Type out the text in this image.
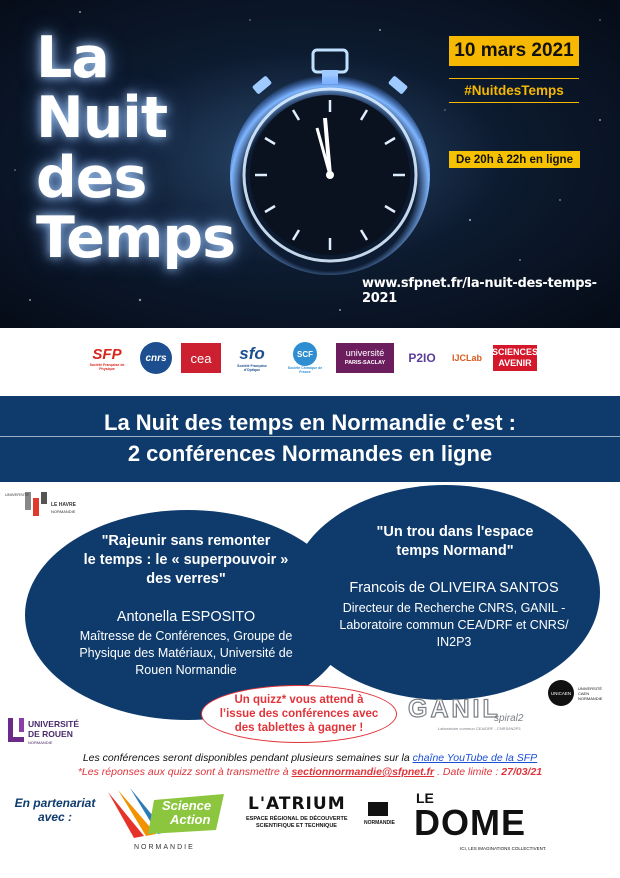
La
Nuit
des
Temps
10 mars 2021
#NuitdesTemps
De 20h à 22h en ligne
www.sfpnet.fr/la-nuit-des-temps-2021
SFP
Société Française de Physique
cnrs cea sfo
Société Française d'Optique
SCF
Société Chimique de France
université
PARIS-SACLAY P2IO IJCLab
SCIENCES
AVENIR
La Nuit des temps en Normandie c’est :
2 conférences Normandes en ligne
UNIVERSITÉ
LE HAVRE
NORMANDIE
"Rajeunir sans remonter
le temps : le « superpouvoir »
des verres"
Antonella ESPOSITO
Maîtresse de Conférences, Groupe de
Physique des Matériaux, Université de
Rouen Normandie
"Un trou dans l'espace
temps Normand"
Francois de OLIVEIRA SANTOS
Directeur de Recherche CNRS, GANIL -
Laboratoire commun CEA/DRF et CNRS/
IN2P3
Un quizz* vous attend à
l’issue des conférences avec
des tablettes à gagner !
GANIL
spiral2
Laboratoire commun CEA/DRF - CNRS/IN2P3
UNICAEN
UNIVERSITÉ
CAEN
NORMANDIE
UNIVERSITÉ
DE ROUEN
NORMANDIE
Les conférences seront disponibles pendant plusieurs semaines sur la chaîne YouTube de la SFP
*Les réponses aux quizz sont à transmettre à sectionnormandie@sfpnet.fr . Date limite : 27/03/21
En partenariat
avec :
Science
Action
NORMANDIE
L'ATRIUM
ESPACE RÉGIONAL DE DÉCOUVERTE
SCIENTIFIQUE ET TECHNIQUE	NORMANDIE
LE
DOME
ICI, LES IMAGINATIONS COLLECTIVENT.
